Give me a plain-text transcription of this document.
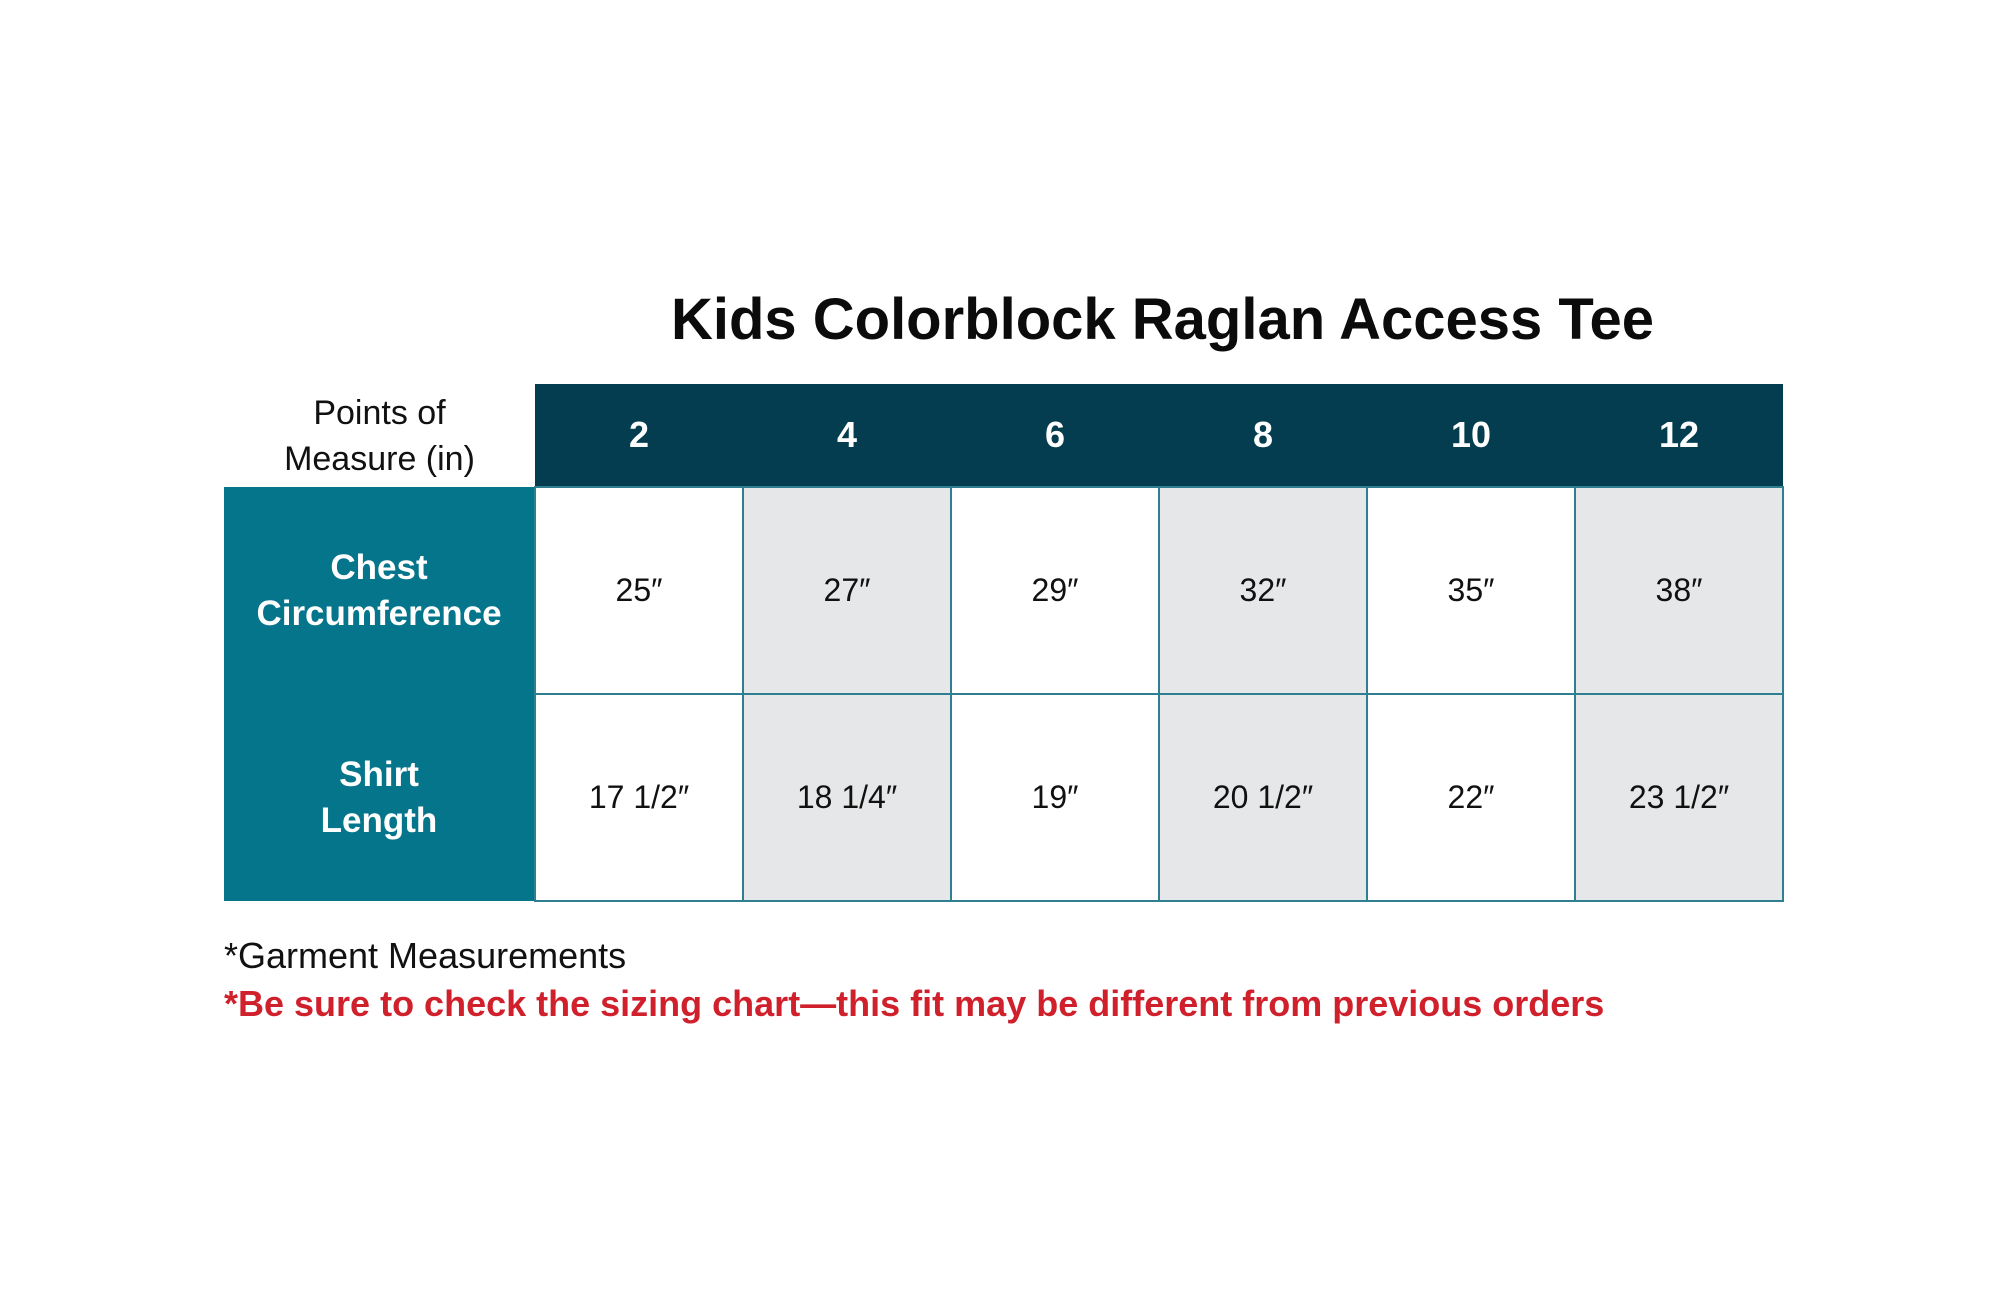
Kids Colorblock Raglan Access Tee
Points of
Measure (in)	2	4	6	8	10	12

Chest
Circumference	25″	27″	29″	32″	35″	38″

Shirt
Length	17 1/2″	18 1/4″	19″	20 1/2″	22″	23 1/2″
*Garment Measurements
*Be sure to check the sizing chart—this fit may be different from previous orders
